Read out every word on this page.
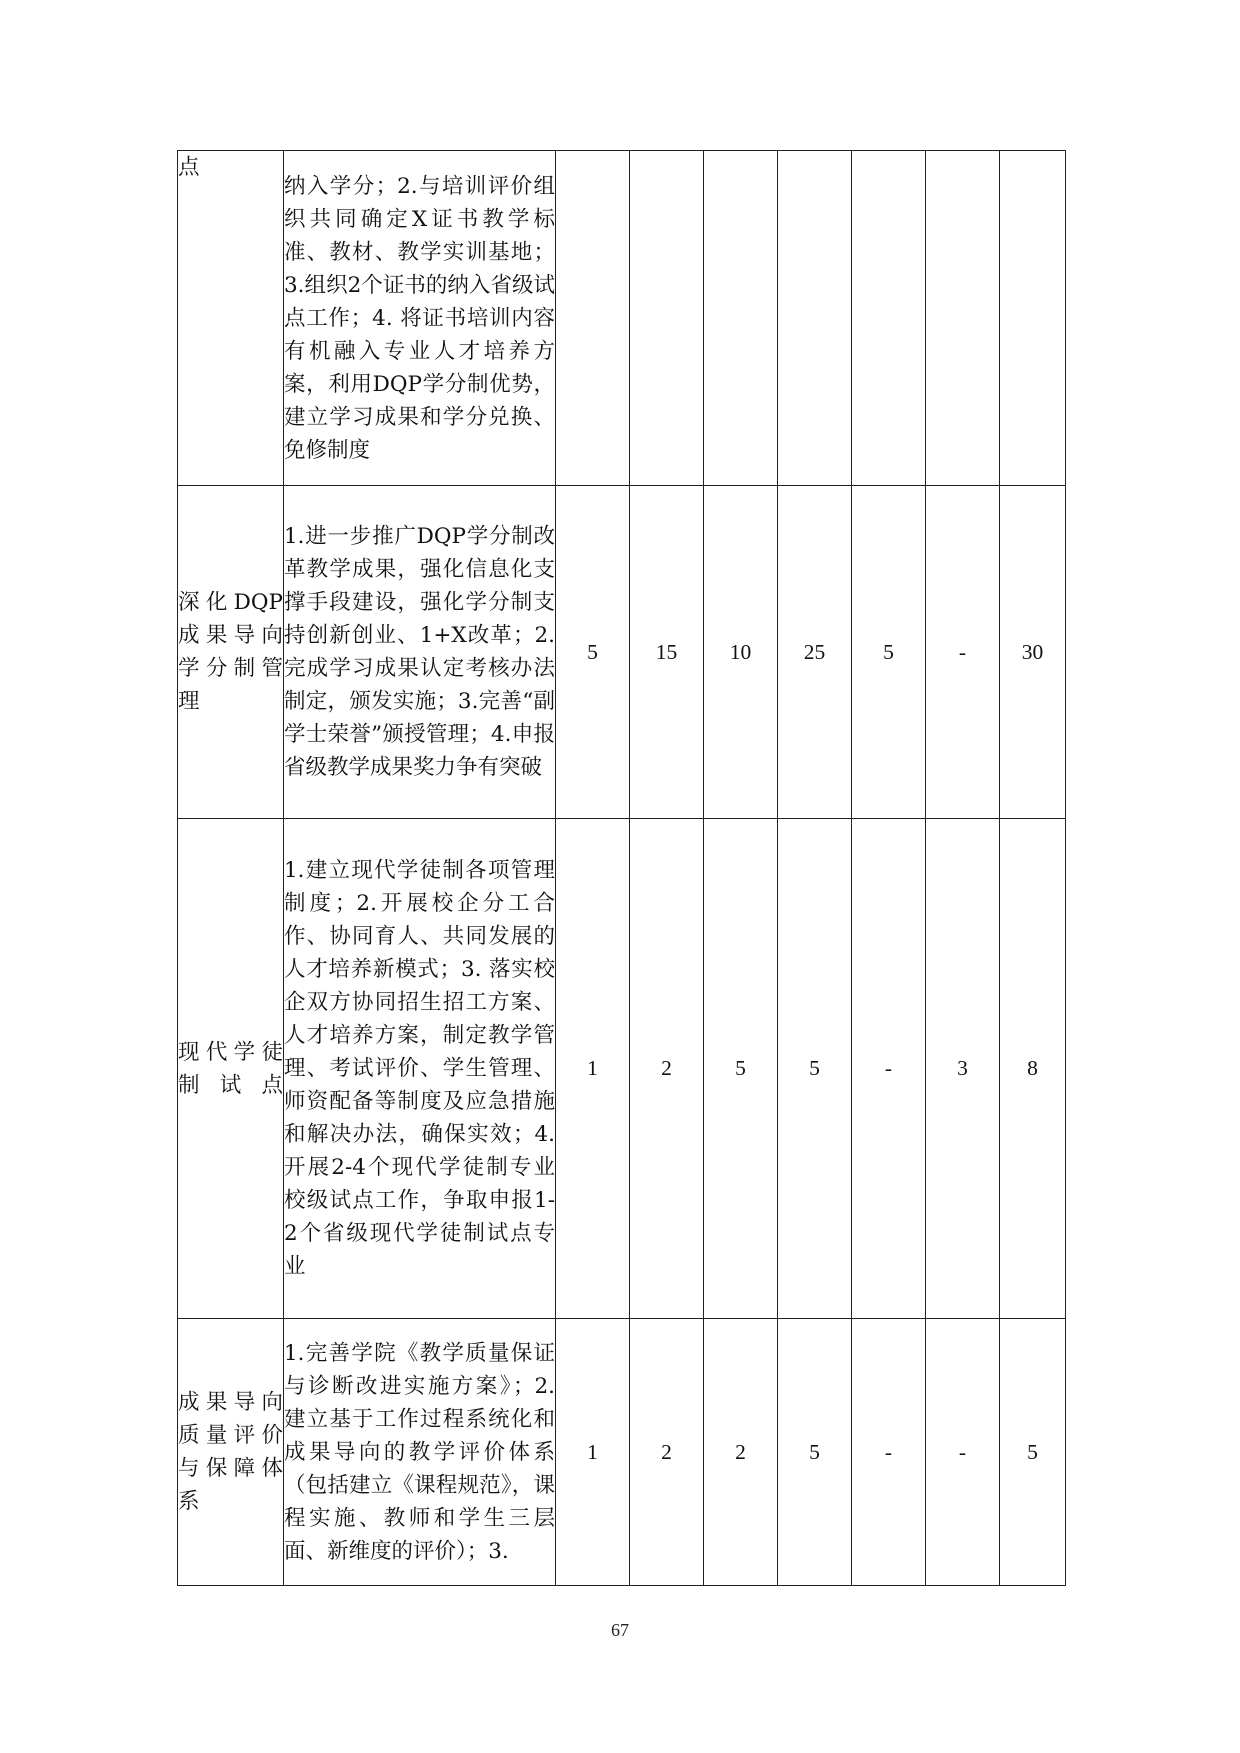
点	纳入学分；2.与培训评价组织共同确定X证书教学标准、教材、教学实训基地；3.组织2个证书的纳入省级试点工作；4. 将证书培训内容有机融入专业人才培养方案，利用DQP学分制优势，建立学习成果和学分兑换、免修制度							
深化DQP成果导向学分制管理	1.进一步推广DQP学分制改革教学成果，强化信息化支撑手段建设，强化学分制支持创新创业、1+X改革；2.完成学习成果认定考核办法制定，颁发实施；3.完善“副学士荣誉”颁授管理；4.申报省级教学成果奖力争有突破	5	15	10	25	5	-	30
现代学徒制试点	1.建立现代学徒制各项管理制度；2.开展校企分工合作、协同育人、共同发展的人才培养新模式；3. 落实校企双方协同招生招工方案、人才培养方案，制定教学管理、考试评价、学生管理、师资配备等制度及应急措施和解决办法，确保实效；4.开展2-4个现代学徒制专业校级试点工作，争取申报1-2个省级现代学徒制试点专业	1	2	5	5	-	3	8
成果导向质量评价与保障体系	1.完善学院《教学质量保证与诊断改进实施方案》；2. 建立基于工作过程系统化和成果导向的教学评价体系（包括建立《课程规范》，课程实施、教师和学生三层面、新维度的评价）；3.	1	2	2	5	-	-	5
67
